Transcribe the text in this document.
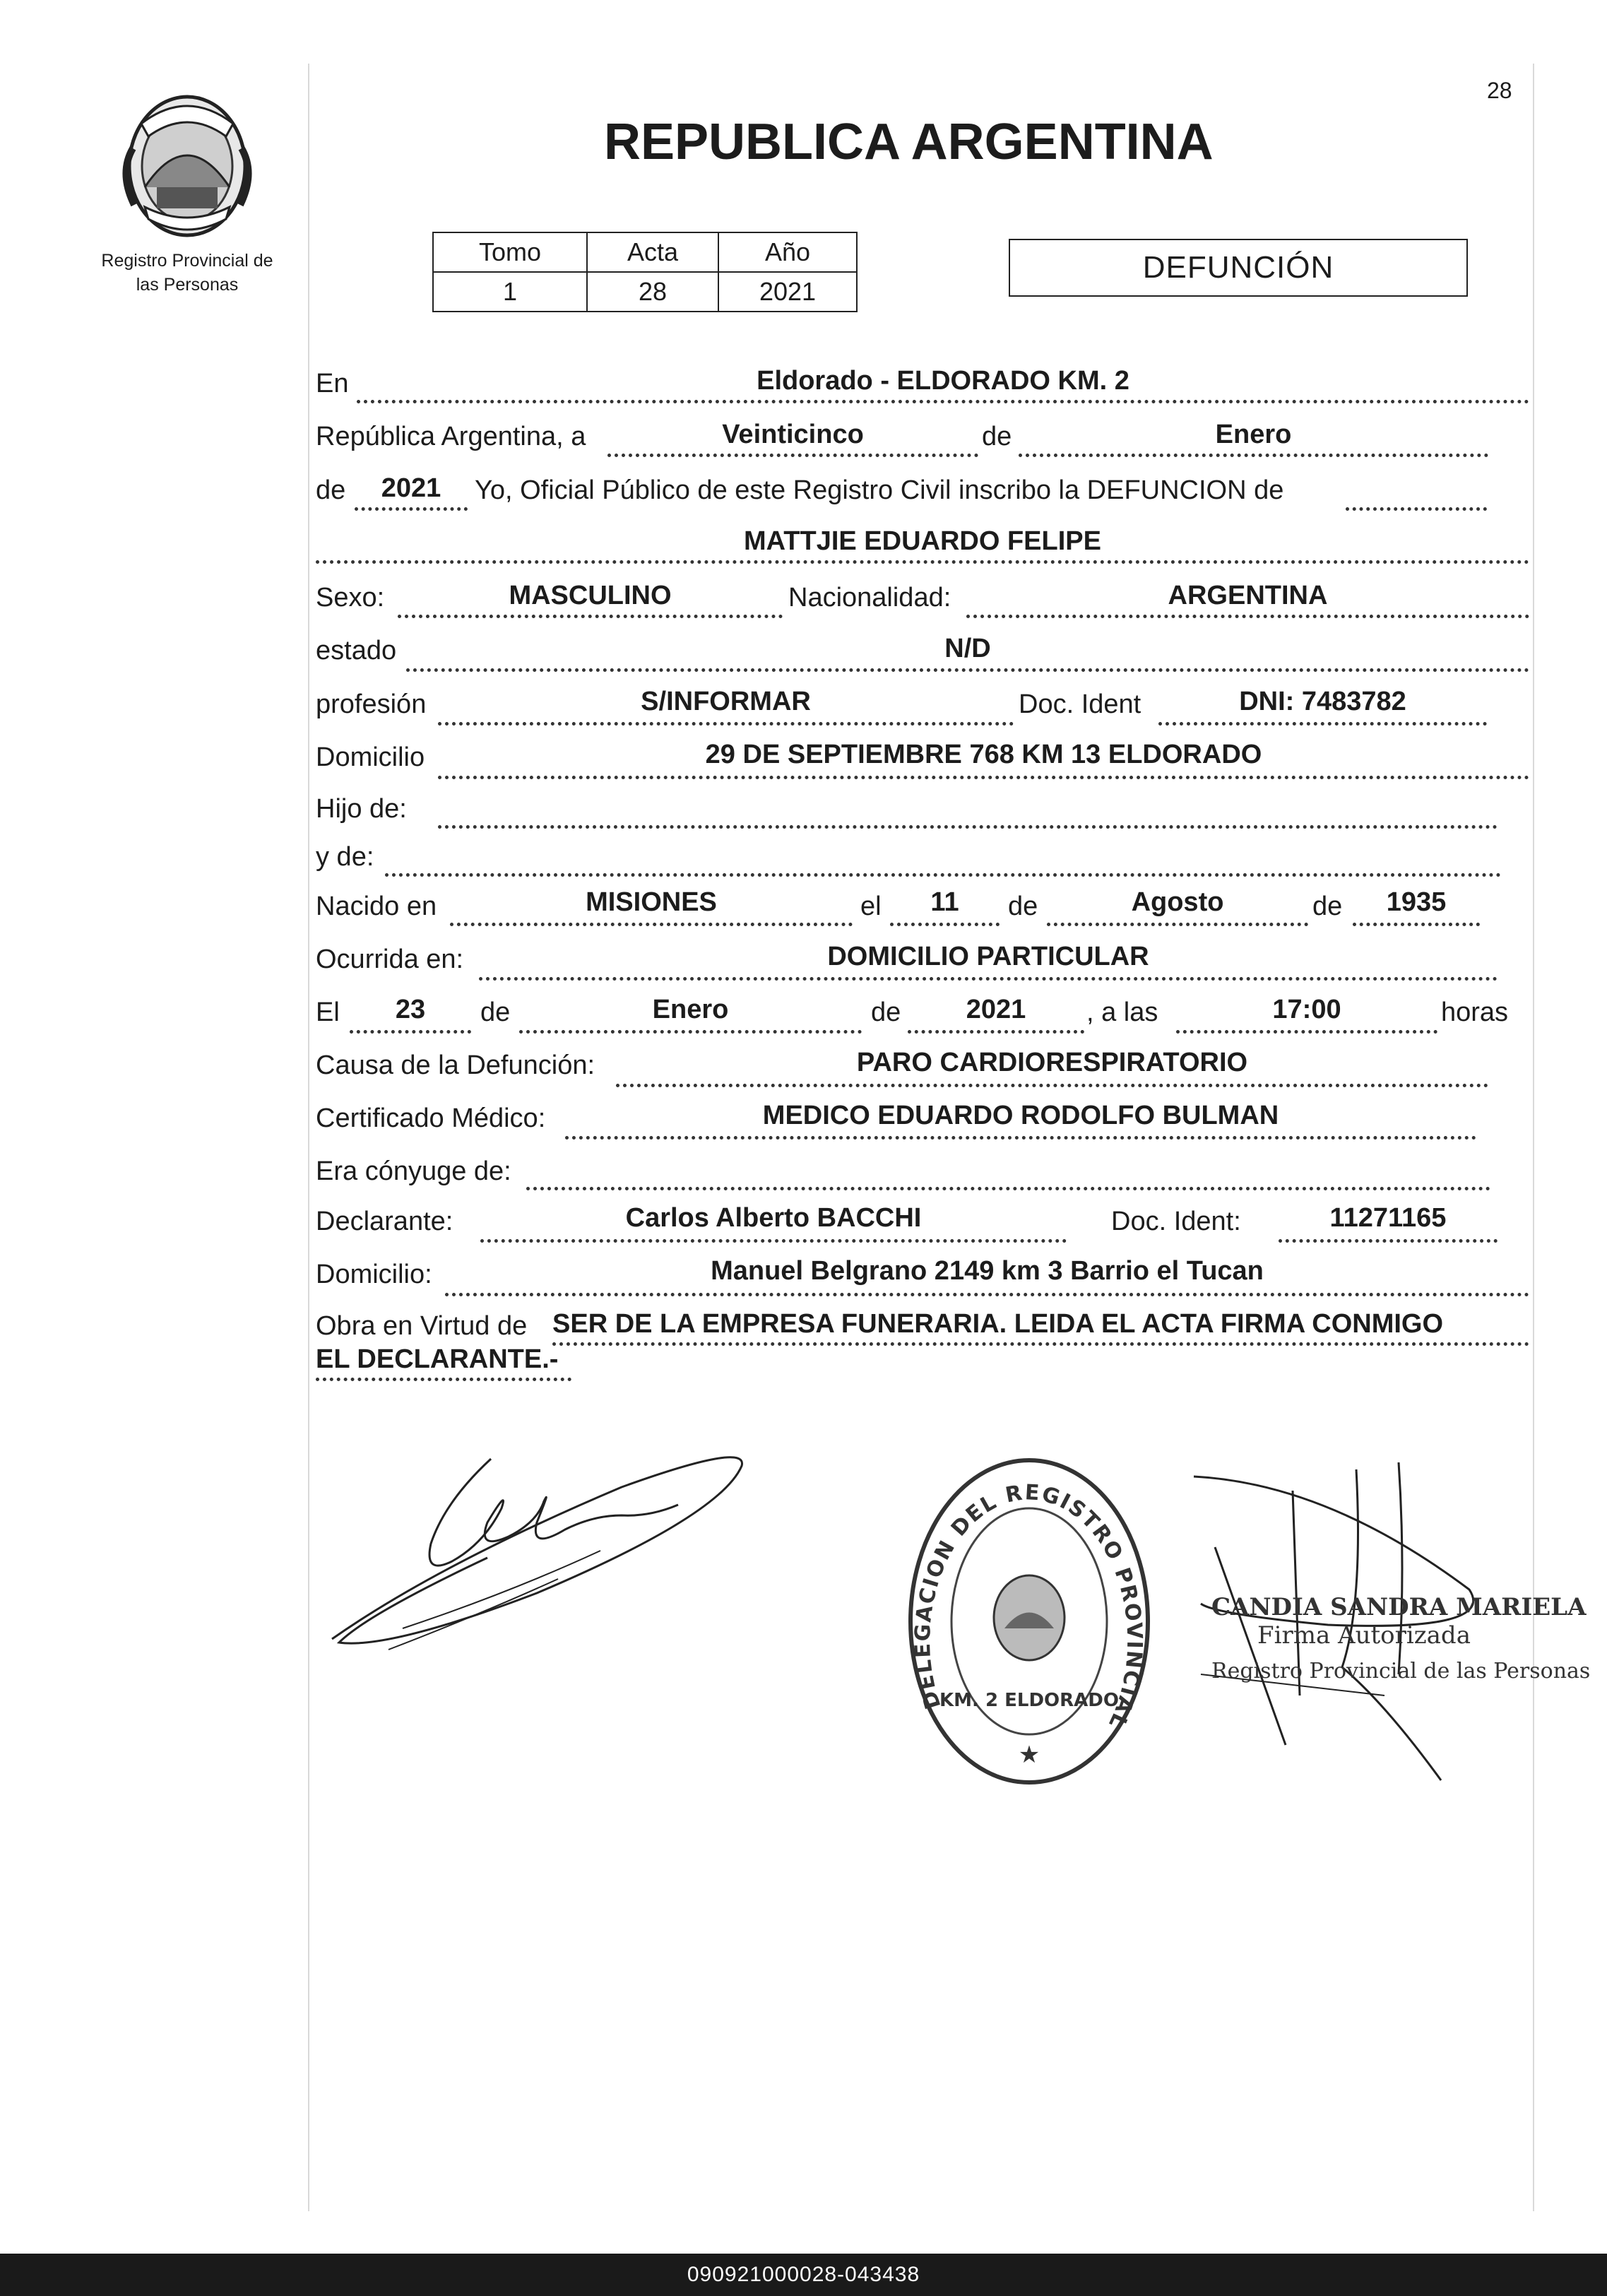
Registro Provincial de
las Personas
28
REPUBLICA ARGENTINA
Tomo	Acta	Año
1	28	2021
DEFUNCIÓN
En	Eldorado - ELDORADO KM. 2
República Argentina, a	Veinticinco	de	Enero
de	2021	Yo, Oficial Público de este Registro Civil inscribo la DEFUNCION de
MATTJIE EDUARDO FELIPE
Sexo:	MASCULINO	Nacionalidad:	ARGENTINA
estado	N/D
profesión	S/INFORMAR	Doc. Ident	DNI: 7483782
Domicilio	29 DE SEPTIEMBRE 768 KM 13 ELDORADO
Hijo de:
y de:
Nacido en	MISIONES	el	11	de	Agosto	de	1935
Ocurrida en:	DOMICILIO PARTICULAR
El	23	de	Enero	de	2021	, a las	17:00	horas
Causa de la Defunción:	PARO CARDIORESPIRATORIO
Certificado Médico:	MEDICO EDUARDO RODOLFO BULMAN
Era cónyuge de:
Declarante:	Carlos Alberto BACCHI	Doc. Ident:	11271165
Domicilio:	Manuel Belgrano 2149 km 3 Barrio el Tucan
Obra en Virtud de SER DE LA EMPRESA FUNERARIA. LEIDA EL ACTA FIRMA CONMIGO
EL DECLARANTE.-
DELEGACION DEL REGISTRO PROVINCIAL
KM. 2 ELDORADO
★
CANDIA SANDRA MARIELA
Firma Autorizada
Registro Provincial de las Personas
090921000028-043438
